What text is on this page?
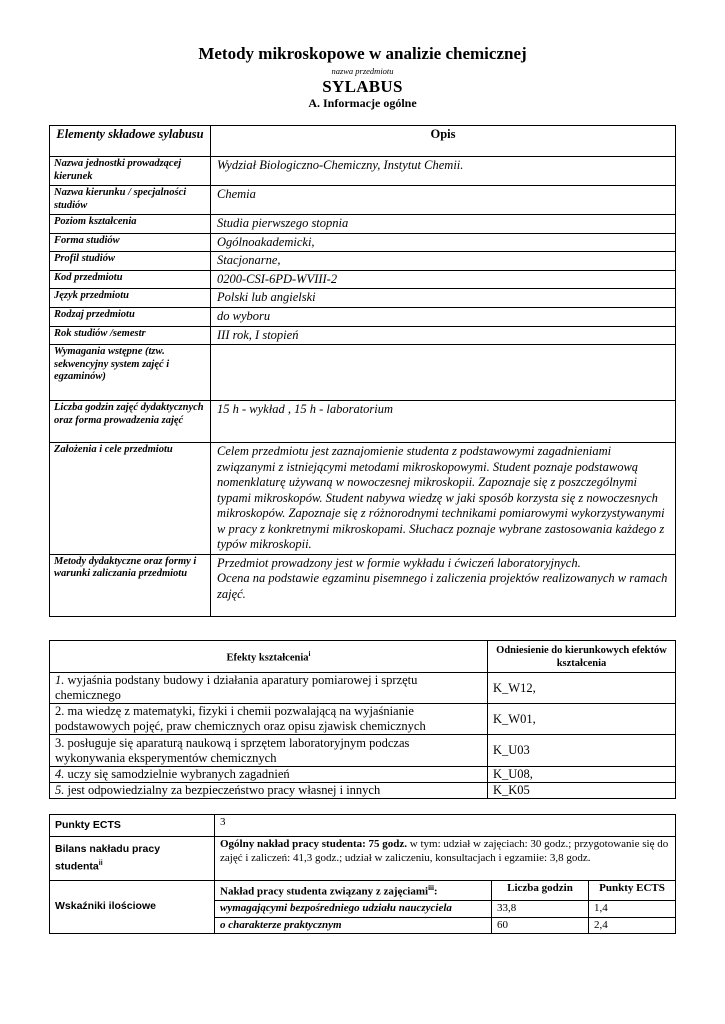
Metody mikroskopowe w analizie chemicznej
nazwa przedmiotu
SYLABUS
A. Informacje ogólne
Elementy składowe sylabusu	Opis
Nazwa jednostki prowadzącej kierunek	Wydział Biologiczno-Chemiczny, Instytut Chemii.
Nazwa kierunku / specjalności studiów	Chemia
Poziom kształcenia	Studia pierwszego stopnia
Forma studiów	Ogólnoakademicki,
Profil studiów	Stacjonarne,
Kod przedmiotu	0200-CSI-6PD-WVIII-2
Język przedmiotu	Polski lub angielski
Rodzaj przedmiotu	do wyboru
Rok studiów /semestr	III rok, I stopień
Wymagania wstępne (tzw. sekwencyjny system zajęć i egzaminów)	
Liczba godzin zajęć dydaktycznych oraz forma prowadzenia zajęć	15 h - wykład , 15 h - laboratorium
Założenia i cele przedmiotu	Celem przedmiotu jest zaznajomienie studenta z podstawowymi zagadnieniami związanymi z istniejącymi metodami mikroskopowymi. Student poznaje podstawową nomenklaturę używaną w nowoczesnej mikroskopii. Zapoznaje się z poszczególnymi typami mikroskopów. Student nabywa wiedzę w jaki sposób korzysta się z nowoczesnych mikroskopów. Zapoznaje się z różnorodnymi technikami pomiarowymi wykorzystywanymi w pracy z konkretnymi mikroskopami. Słuchacz poznaje wybrane zastosowania każdego z typów mikroskopii.
Metody dydaktyczne oraz formy i warunki zaliczania przedmiotu	Przedmiot prowadzony jest w formie wykładu i ćwiczeń laboratoryjnych.

Ocena na podstawie egzaminu pisemnego i zaliczenia projektów realizowanych w ramach zajęć.

Efekty kształcenia$^i$	Odniesienie do kierunkowych efektów kształcenia
1. wyjaśnia podstany budowy i działania aparatury pomiarowej i sprzętu chemicznego	K_W12,
2. ma wiedzę z matematyki, fizyki i chemii pozwalającą na wyjaśnianie podstawowych pojęć, praw chemicznych oraz opisu zjawisk chemicznych	K_W01,
3. posługuje się aparaturą naukową i sprzętem laboratoryjnym podczas wykonywania eksperymentów chemicznych	K_U03
4. uczy się samodzielnie wybranych zagadnień	K_U08,
5. jest odpowiedzialny za bezpieczeństwo pracy własnej i innych	K_K05
Punkty ECTS	3		
Bilans nakładu pracy studenta$^{ii}$	Ogólny nakład pracy studenta: 75 godz. w tym: udział w zajęciach: 30 godz.; przygotowanie się do zajęć i zaliczeń: 41,3 godz.; udział w zaliczeniu, konsultacjach i egzamiie: 3,8 godz.		
Wskaźniki ilościowe	Nakład pracy studenta związany z zajęciami$^{iii}$:	Liczba godzin	Punkty ECTS
	wymagającymi bezpośredniego udziału nauczyciela	33,8	1,4
	o charakterze praktycznym	60	2,4
